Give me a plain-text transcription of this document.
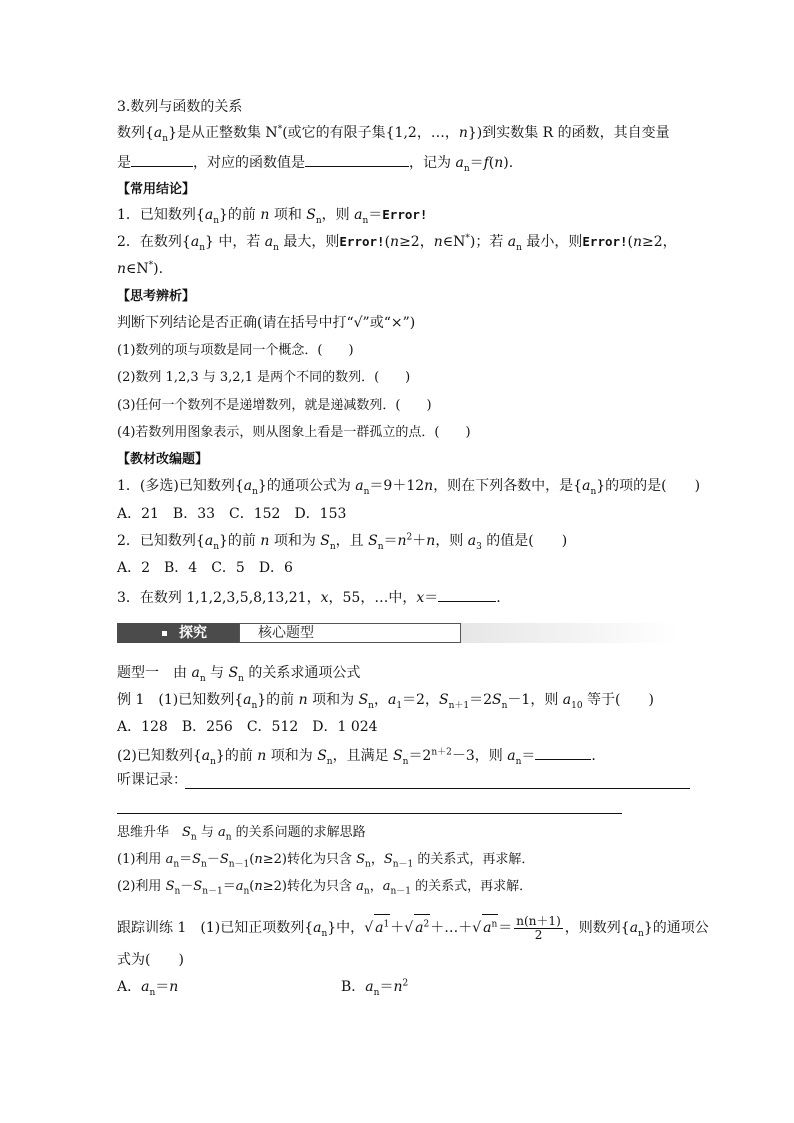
3.数列与函数的关系
数列$\{a_n\}$是从正整数集 N*(或它的有限子集{1,2，…，n})到实数集 R 的函数，其自变量
是	，对应的函数值是	，记为 $a_n=f(n)$.
【常用结论】
1．已知数列$\{a_n\}$的前 n 项和 $S_n$，则 $a_n=Error$!
2．在数列$\{a_n\}$ 中，若 $a_n$ 最大，则Error!(n≥2，n∈N*)；若 $a_n$ 最小，则Error!(n≥2，
n∈N*).
【思考辨析】
判断下列结论是否正确(请在括号中打“√”或“×”)
(1)数列的项与项数是同一个概念．(　　)
(2)数列 1,2,3 与 3,2,1 是两个不同的数列．(　　)
(3)任何一个数列不是递增数列，就是递减数列．(　　)
(4)若数列用图象表示，则从图象上看是一群孤立的点．(　　)
【教材改编题】
1．(多选)已知数列$\{a_n\}$的通项公式为 $a_n=9+12n$，则在下列各数中，是$\{a_n\}$的项的是(　　)
A．21　B．33　C．152　D．153
2．已知数列$\{a_n\}$的前 n 项和为 $S_n$，且 $S_n=n^2+n$，则 $a_3$ 的值是(　　)
A．2　B．4　C．5　D．6
3．在数列 1,1,2,3,5,8,13,21，x，55，…中，x＝	.
探究	核心题型
题型一　由 $a_n$ 与 $S_n$ 的关系求通项公式
例 1　(1)已知数列$\{a_n\}$的前 n 项和为 $S_n$，$a_1=2$，$S_{n+1}=2S_n-1$，则 $a_{10}$ 等于(　　)
A．128　B．256　C．512　D．1 024
(2)已知数列$\{a_n\}$的前 n 项和为 $S_n$，且满足 $S_n=2^{n+2}-3$，则 $a_n=$	.
听课记录：
思维升华　$S_n$ 与 $a_n$ 的关系问题的求解思路
(1)利用 $a_n=S_n-S_{n-1}(n\ge 2)$转化为只含 $S_n$，$S_{n-1}$ 的关系式，再求解．
(2)利用 $S_n-S_{n-1}=a_n(n\ge 2)$转化为只含 $a_n$，$a_{n-1}$ 的关系式，再求解．
跟踪训练 1　(1)已知正项数列$\{a_n\}$中，√ $a^1+√$ $a^2+\dots+√$ $a^n= \frac{n(n+1)}{2}$ ，则数列$\{a_n\}$的通项公
式为(　　)
A．$a_n=n$	B．$a_n=n^2$
